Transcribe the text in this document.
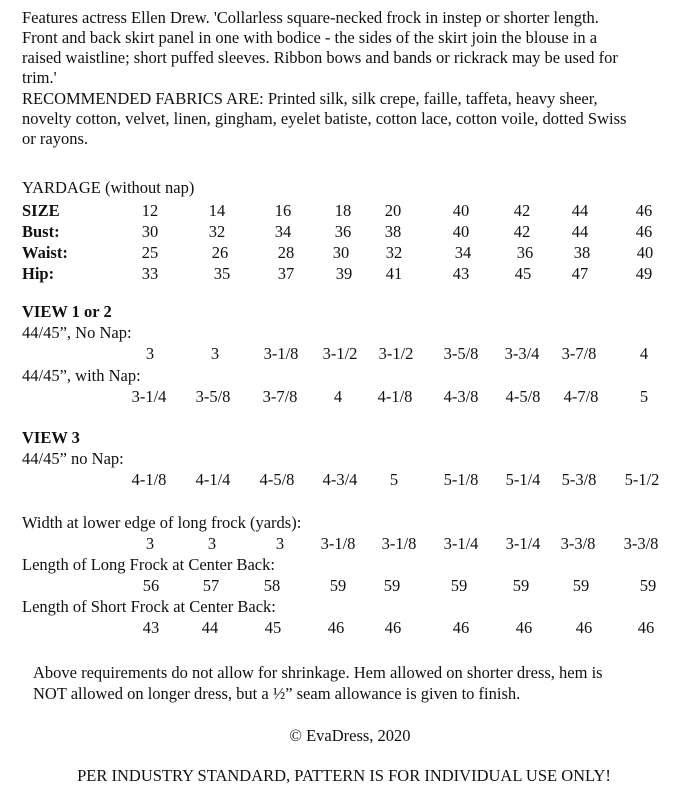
Features actress Ellen Drew. 'Collarless square-necked frock in instep or shorter length.
Front and back skirt panel in one with bodice - the sides of the skirt join the blouse in a
raised waistline; short puffed sleeves. Ribbon bows and bands or rickrack may be used for
trim.'
RECOMMENDED FABRICS ARE: Printed silk, silk crepe, faille, taffeta, heavy sheer,
novelty cotton, velvet, linen, gingham, eyelet batiste, cotton lace, cotton voile, dotted Swiss
or rayons.
YARDAGE (without nap)
SIZE	12	14	16	18	20	40	42	44	46
Bust:	30	32	34	36	38	40	42	44	46
Waist:	25	26	28	30	32	34	36	38	40
Hip:	33	35	37	39	41	43	45	47	49
VIEW 1 or 2
44/45”, No Nap:
3	3	3-1/8	3-1/2	3-1/2	3-5/8	3-3/4	3-7/8	4
44/45”, with Nap:
3-1/4	3-5/8	3-7/8	4	4-1/8	4-3/8	4-5/8	4-7/8	5
VIEW 3
44/45” no Nap:
4-1/8	4-1/4	4-5/8	4-3/4	5	5-1/8	5-1/4	5-3/8	5-1/2
Width at lower edge of long frock (yards):
3	3	3	3-1/8	3-1/8	3-1/4	3-1/4	3-3/8	3-3/8
Length of Long Frock at Center Back:
56	57	58	59	59	59	59	59	59
Length of Short Frock at Center Back:
43	44	45	46	46	46	46	46	46
Above requirements do not allow for shrinkage. Hem allowed on shorter dress, hem is
NOT allowed on longer dress, but a ½” seam allowance is given to finish.
© EvaDress, 2020
PER INDUSTRY STANDARD, PATTERN IS FOR INDIVIDUAL USE ONLY!
